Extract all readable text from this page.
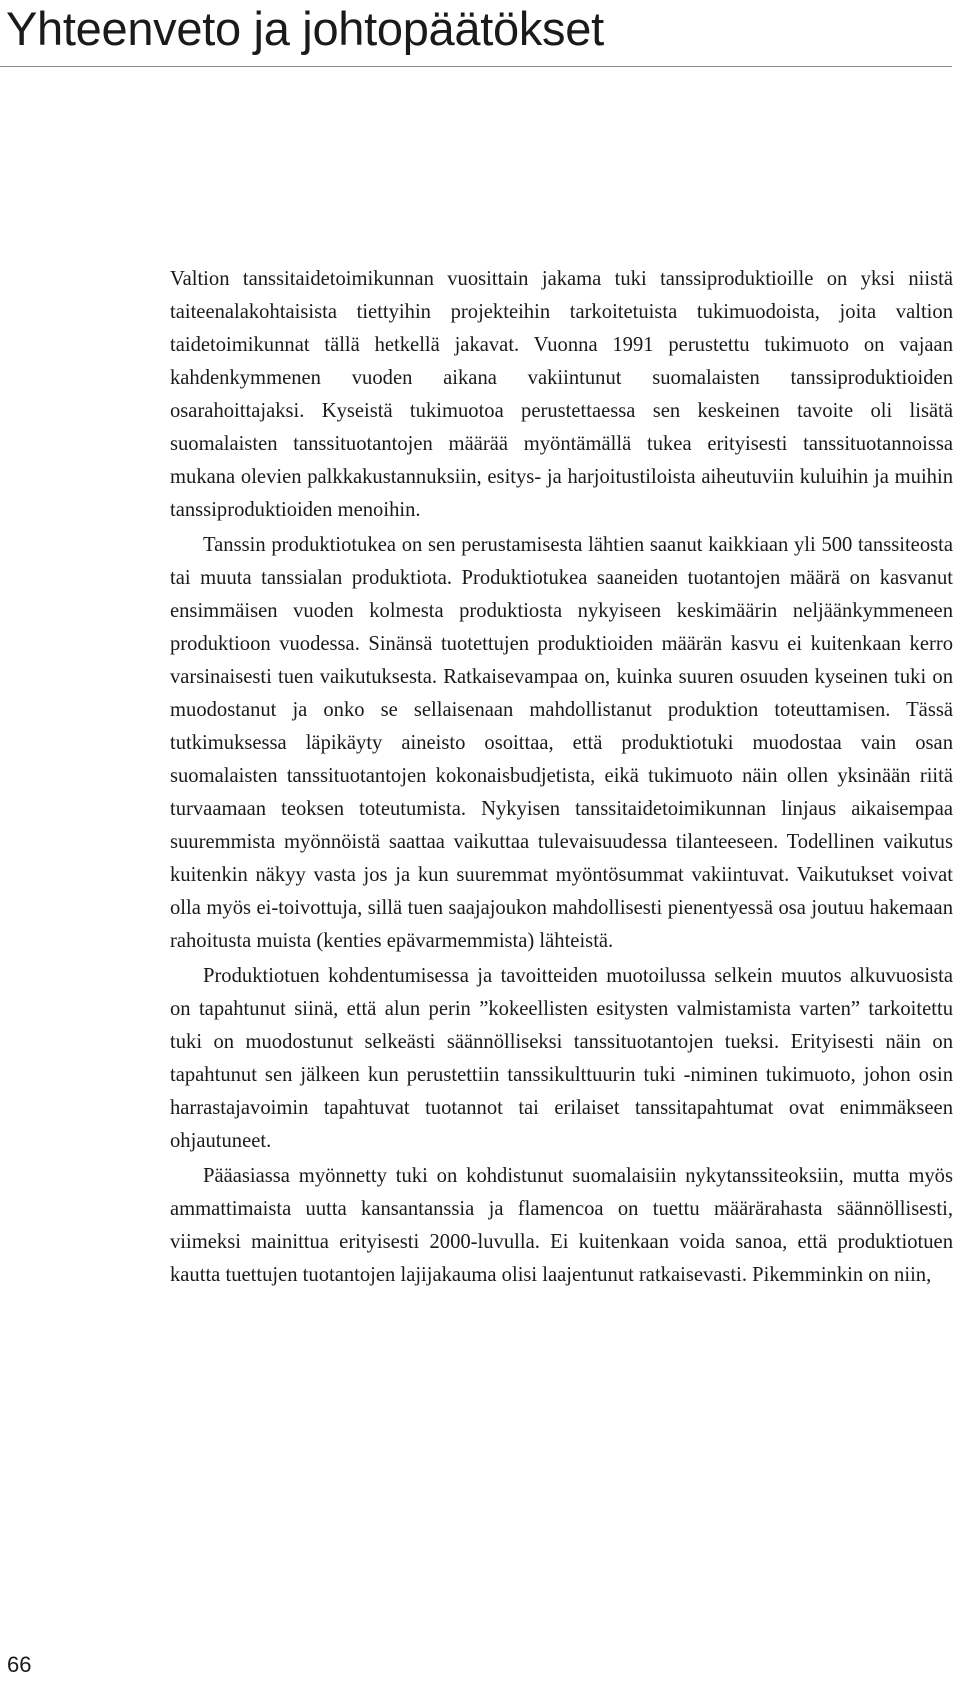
Yhteenveto ja johtopäätökset

Valtion tanssitaidetoimikunnan vuosittain jakama tuki tanssiproduktioille on yksi niistä taiteenalakohtaisista tiettyihin projekteihin tarkoitetuista tukimuodoista, joita valtion taidetoimikunnat tällä hetkellä jakavat. Vuonna 1991 perustettu tukimuoto on vajaan kahdenkymmenen vuoden aikana vakiintunut suomalaisten tanssiproduktioiden osarahoittajaksi. Kyseistä tukimuotoa perustettaessa sen keskeinen tavoite oli lisätä suomalaisten tanssituotantojen määrää myöntämällä tukea erityisesti tanssituotannoissa mukana olevien palkkakustannuksiin, esitys- ja harjoitustiloista aiheutuviin kuluihin ja muihin tanssiproduktioiden menoihin.

Tanssin produktiotukea on sen perustamisesta lähtien saanut kaikkiaan yli 500 tanssiteosta tai muuta tanssialan produktiota. Produktiotukea saaneiden tuotantojen määrä on kasvanut ensimmäisen vuoden kolmesta produktiosta nykyiseen keskimäärin neljäänkymmeneen produktioon vuodessa. Sinänsä tuotettujen produktioiden määrän kasvu ei kuitenkaan kerro varsinaisesti tuen vaikutuksesta. Ratkaisevampaa on, kuinka suuren osuuden kyseinen tuki on muodostanut ja onko se sellaisenaan mahdollistanut produktion toteuttamisen. Tässä tutkimuksessa läpikäyty aineisto osoittaa, että produktiotuki muodostaa vain osan suomalaisten tanssituotantojen kokonaisbudjetista, eikä tukimuoto näin ollen yksinään riitä turvaamaan teoksen toteutumista. Nykyisen tanssitaidetoimikunnan linjaus aikaisempaa suuremmista myönnöistä saattaa vaikuttaa tulevaisuudessa tilanteeseen. Todellinen vaikutus kuitenkin näkyy vasta jos ja kun suuremmat myöntösummat vakiintuvat. Vaikutukset voivat olla myös ei-toivottuja, sillä tuen saajajoukon mahdollisesti pienentyessä osa joutuu hakemaan rahoitusta muista (kenties epävarmemmista) lähteistä.

Produktiotuen kohdentumisessa ja tavoitteiden muotoilussa selkein muutos alkuvuosista on tapahtunut siinä, että alun perin ”kokeellisten esitysten valmistamista varten” tarkoitettu tuki on muodostunut selkeästi säännölliseksi tanssituotantojen tueksi. Erityisesti näin on tapahtunut sen jälkeen kun perustettiin tanssikulttuurin tuki -niminen tukimuoto, johon osin harrastajavoimin tapahtuvat tuotannot tai erilaiset tanssitapahtumat ovat enimmäkseen ohjautuneet.

Pääasiassa myönnetty tuki on kohdistunut suomalaisiin nykytanssiteoksiin, mutta myös ammattimaista uutta kansantanssia ja flamencoa on tuettu määrärahasta säännöllisesti, viimeksi mainittua erityisesti 2000-luvulla. Ei kuitenkaan voida sanoa, että produktiotuen kautta tuettujen tuotantojen lajijakauma olisi laajentunut ratkaisevasti. Pikemminkin on niin,

66
